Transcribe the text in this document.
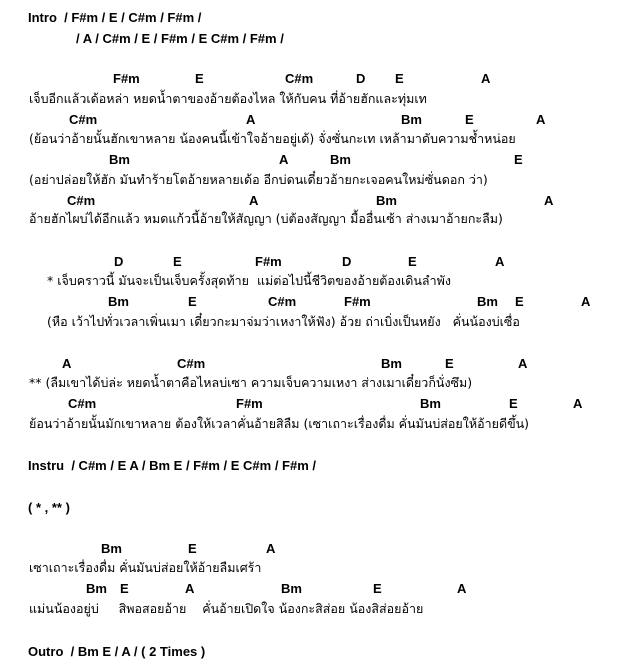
Intro  / F#m / E / C#m / F#m /
/ A / C#m / E / F#m / E C#m / F#m /
F#m	E	C#m	D E	A
เจ็บอีกแล้วเด้อหล่า หยดน้ำตาของอ้ายต้องไหล ให้กับคน ที่อ้ายฮักและทุ่มเท
C#m	A	Bm	E	A
(ย้อนว่าอ้ายนั้นฮักเขาหลาย น้องคนนี้เข้าใจอ้ายอยู่เด้) จั่งซั่นกะเท เหล้ามาดับความช้ำหน่อย
Bm	A	Bm	E
(อย่าปล่อยให้ฮัก มันทำร้ายโตอ้ายหลายเด้อ อีกบ่ดนเดี๋ยวอ้ายกะเจอคนใหม่ซั่นดอก ว่า)
C#m	A	Bm	A
อ้ายฮักไผบ่ได้อีกแล้ว หมดแก้วนี้อ้ายให้สัญญา (บ่ต้องสัญญา มื้ออื่นเซ้า ส่างเมาอ้ายกะลืม)
D	E	F#m	D	E	A
* เจ็บคราวนี้ มันจะเป็นเจ็บครั้งสุดท้าย  แม่ต่อไปนี้ชีวิตของอ้ายต้องเดินลำพัง
Bm	E	C#m	F#m	Bm E	A
(หือ เว้าไปทั่วเวลาเพิ่นเมา เดี๋ยวกะมาจ่มว่าเหงาให้ฟัง) อ้วย ถ่าเบิ่งเป็นหยัง   คั่นน้องบ่เซื่อ
A	C#m	Bm	E	A
** (ลืมเขาได้บ่ล่ะ หยดน้ำตาคือไหลบ่เซา ความเจ็บความเหงา ส่างเมาเดี๋ยวก็นั่งซึม)
C#m	F#m	Bm	E	A
ย้อนว่าอ้ายนั้นมักเขาหลาย ต้องให้เวลาคั่นอ้ายสิลืม (เซาเถาะเรื่องดื่ม คั่นมันบ่ส่อยให้อ้ายดีขึ้น)
Instru  / C#m / E A / Bm E / F#m / E C#m / F#m /
( * , ** )
Bm	E	A
เซาเถาะเรื่องดื่ม คั่นมันบ่ส่อยให้อ้ายลืมเศร้า
Bm E	A	Bm	E	A
แม่นน้องอยู่บ่     สิพอสอยอ้าย    คั่นอ้ายเปิดใจ น้องกะสิส่อย น้องสิส่อยอ้าย
Outro  / Bm E / A / ( 2 Times )
